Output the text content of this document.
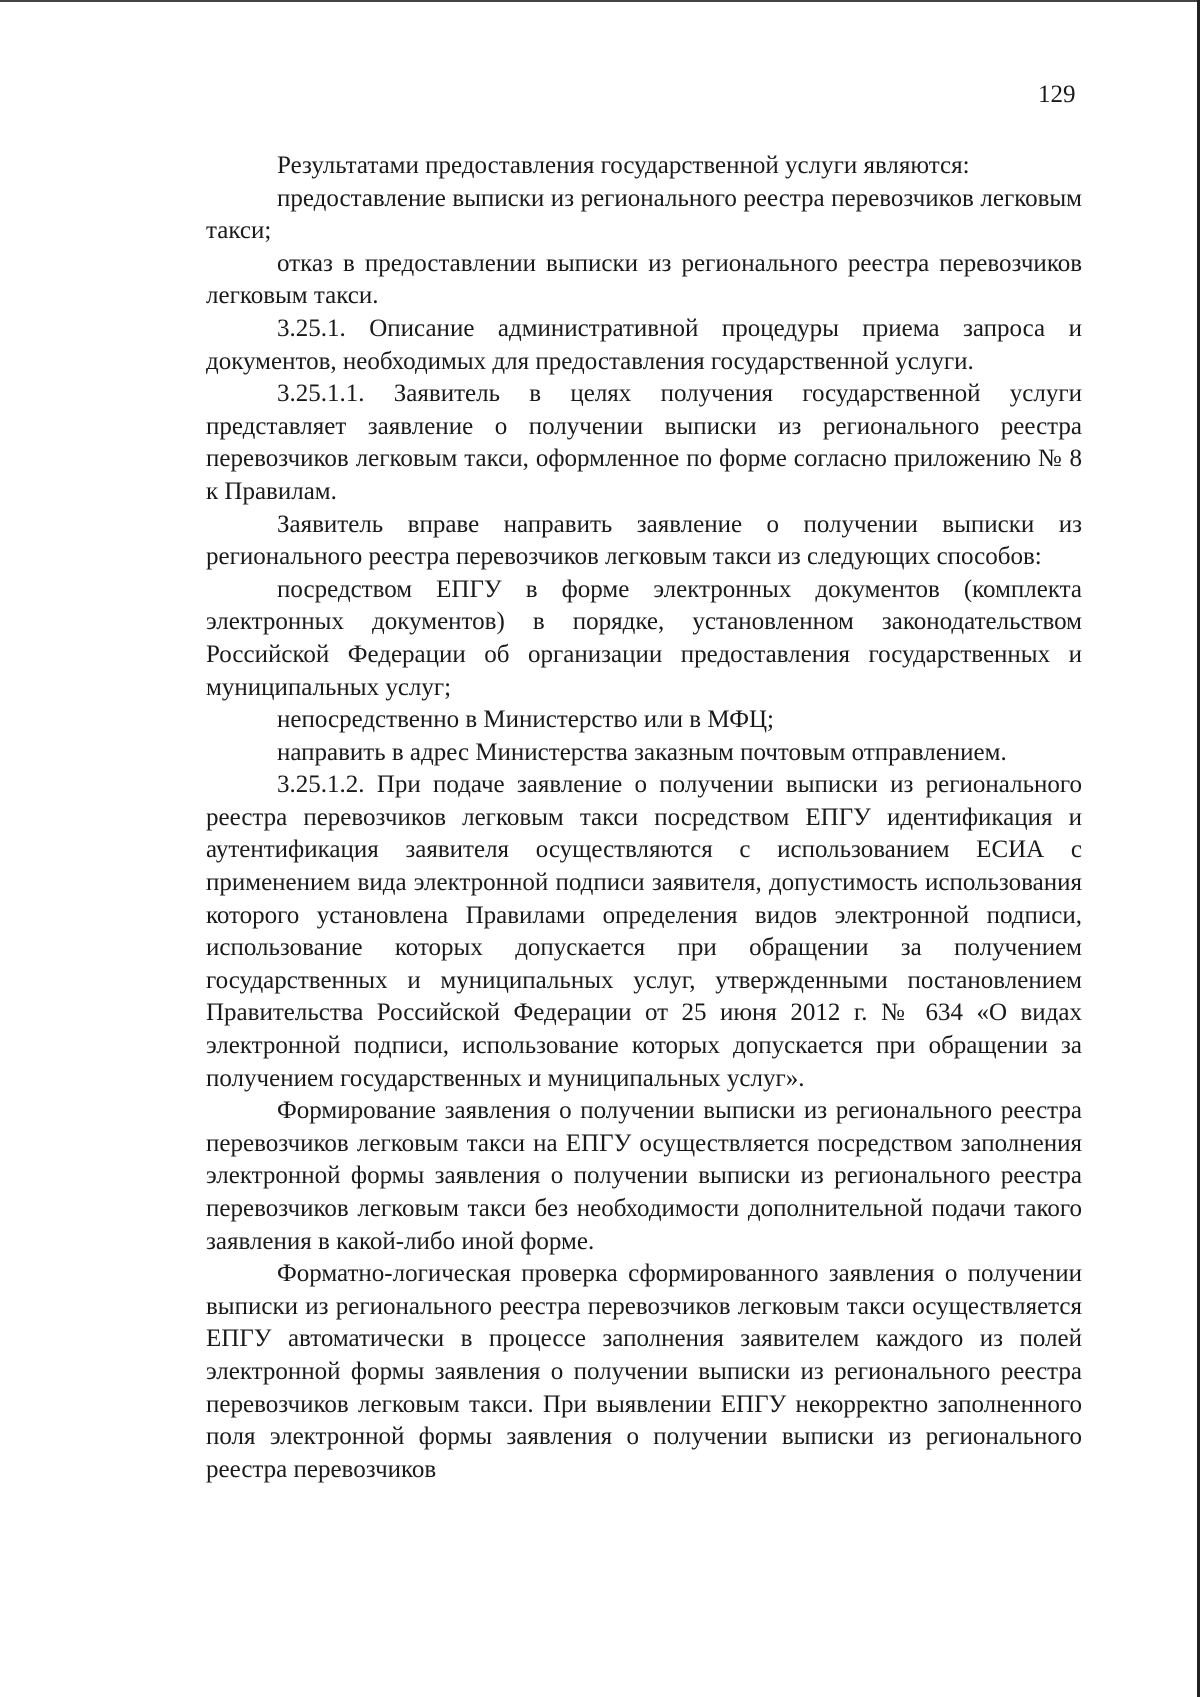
129

Результатами предоставления государственной услуги являются:

предоставление выписки из регионального реестра перевозчиков легковым такси;

отказ в предоставлении выписки из регионального реестра перевозчиков легковым такси.

3.25.1. Описание административной процедуры приема запроса и документов, необходимых для предоставления государственной услуги.

3.25.1.1. Заявитель в целях получения государственной услуги представляет заявление о получении выписки из регионального реестра перевозчиков легковым такси, оформленное по форме согласно приложению № 8 к Правилам.

Заявитель вправе направить заявление о получении выписки из регионального реестра перевозчиков легковым такси из следующих способов:

посредством ЕПГУ в форме электронных документов (комплекта электронных документов) в порядке, установленном законодательством Российской Федерации об организации предоставления государственных и муниципальных услуг;

непосредственно в Министерство или в МФЦ;

направить в адрес Министерства заказным почтовым отправлением.

3.25.1.2. При подаче заявление о получении выписки из регионального реестра перевозчиков легковым такси посредством ЕПГУ идентификация и аутентификация заявителя осуществляются с использованием ЕСИА с применением вида электронной подписи заявителя, допустимость использования которого установлена Правилами определения видов электронной подписи, использование которых допускается при обращении за получением государственных и муниципальных услуг, утвержденными постановлением Правительства Российской Федерации от 25 июня 2012 г. № 634 «О видах электронной подписи, использование которых допускается при обращении за получением государственных и муниципальных услуг».

Формирование заявления о получении выписки из регионального реестра перевозчиков легковым такси на ЕПГУ осуществляется посредством заполнения электронной формы заявления о получении выписки из регионального реестра перевозчиков легковым такси без необходимости дополнительной подачи такого заявления в какой-либо иной форме.

Форматно-логическая проверка сформированного заявления о получении выписки из регионального реестра перевозчиков легковым такси осуществляется ЕПГУ автоматически в процессе заполнения заявителем каждого из полей электронной формы заявления о получении выписки из регионального реестра перевозчиков легковым такси. При выявлении ЕПГУ некорректно заполненного поля электронной формы заявления о получении выписки из регионального реестра перевозчиков
